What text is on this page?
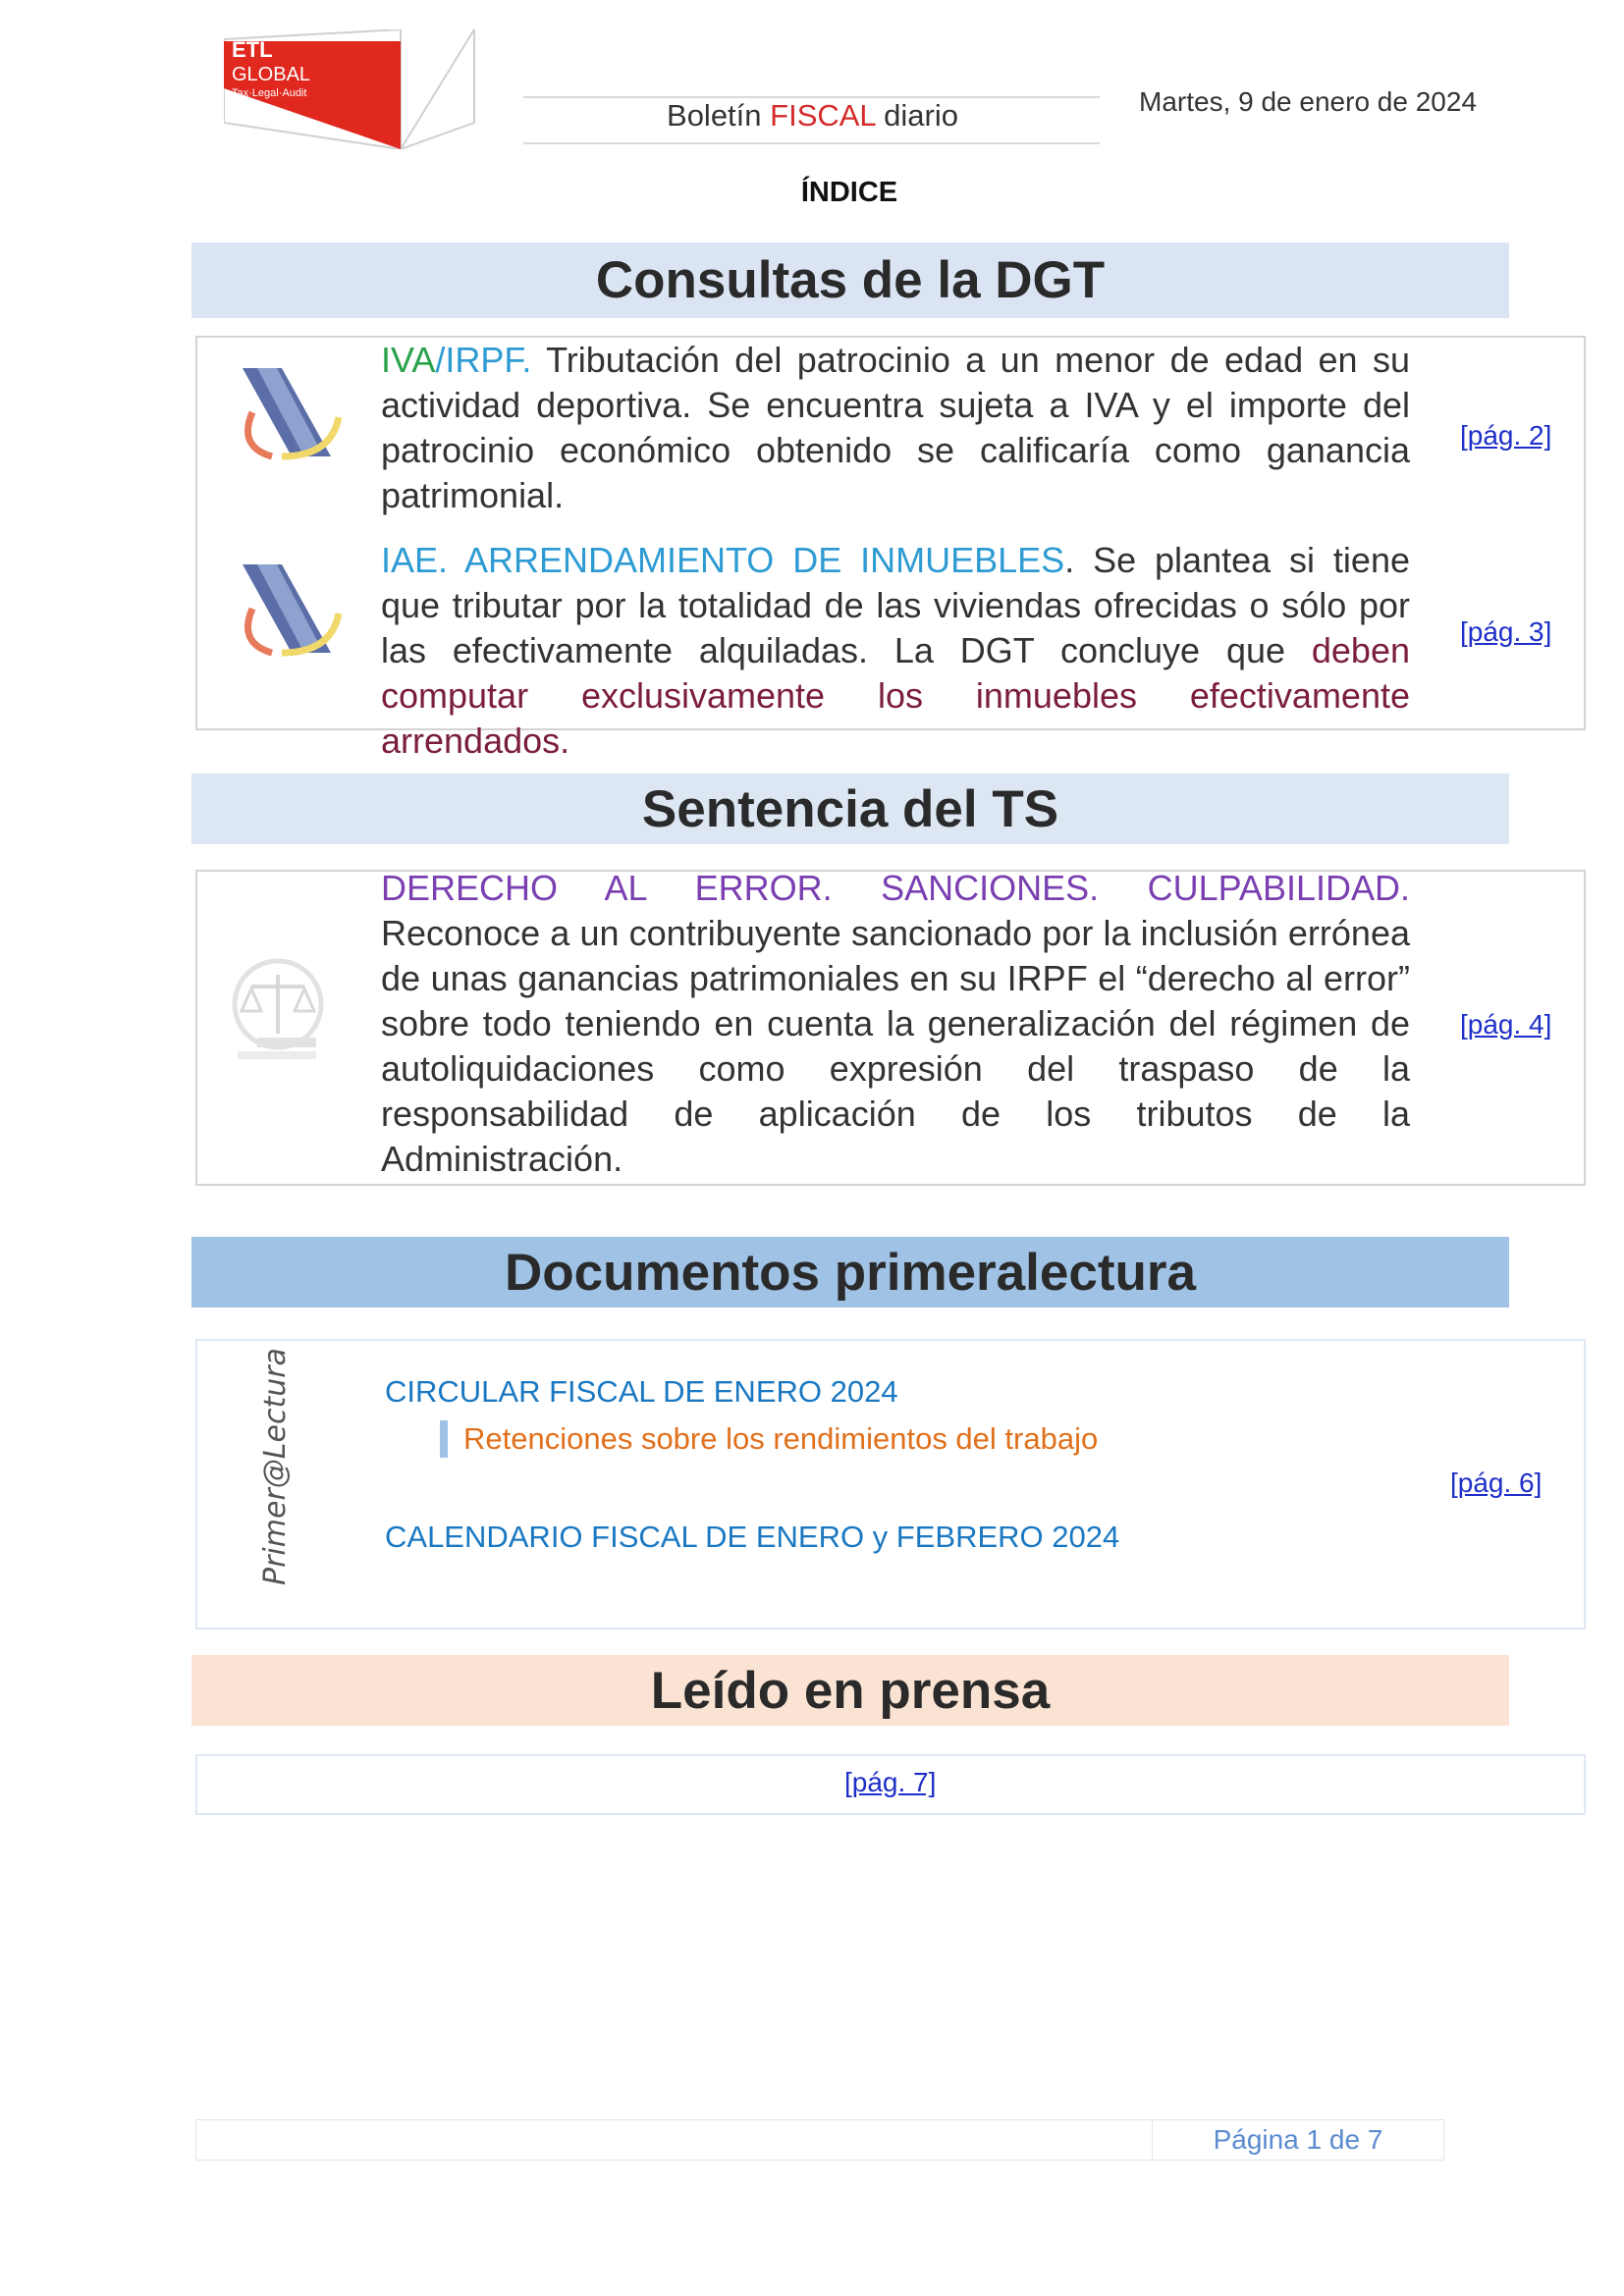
ETL
GLOBAL
Tax·Legal·Audit
Boletín FISCAL diario	Martes, 9 de enero de 2024
ÍNDICE
Consultas de la DGT
IVA/IRPF. Tributación del patrocinio a un menor de edad en su actividad deportiva. Se encuentra sujeta a IVA y el importe del patrocinio económico obtenido se calificaría como ganancia patrimonial.
[pág. 2]
IAE. ARRENDAMIENTO DE INMUEBLES. Se plantea si tiene que tributar por la totalidad de las viviendas ofrecidas o sólo por las efectivamente alquiladas. La DGT concluye que deben computar exclusivamente los inmuebles efectivamente arrendados.
[pág. 3]
Sentencia del TS
DERECHO AL ERROR. SANCIONES. CULPABILIDAD. Reconoce a un contribuyente sancionado por la inclusión errónea de unas ganancias patrimoniales en su IRPF el “derecho al error” sobre todo teniendo en cuenta la generalización del régimen de autoliquidaciones como expresión del traspaso de la responsabilidad de aplicación de los tributos de la Administración.
[pág. 4]
Documentos primeralectura
Primer@Lectura	CIRCULAR FISCAL DE ENERO 2024
Retenciones sobre los rendimientos del trabajo
CALENDARIO FISCAL DE ENERO y FEBRERO 2024
[pág. 6]
Leído en prensa
[pág. 7]
Página 1 de 7
